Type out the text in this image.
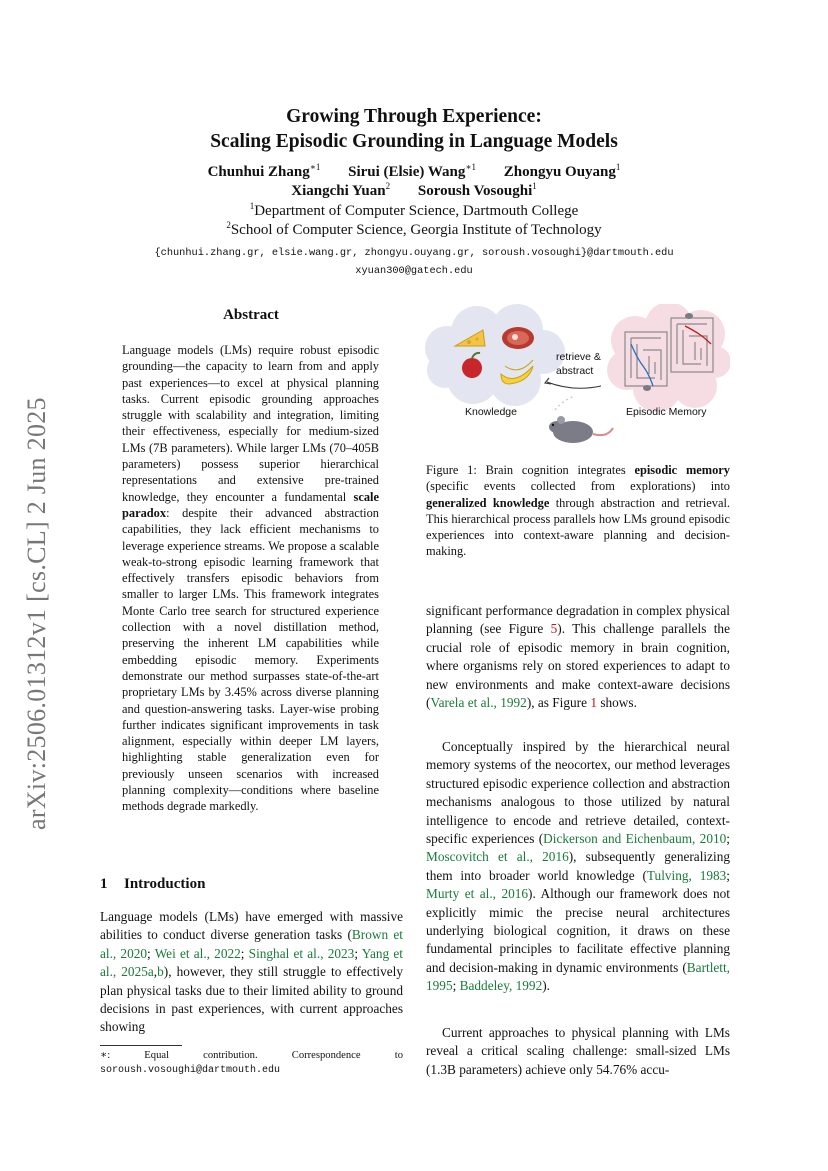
arXiv:2506.01312v1 [cs.CL] 2 Jun 2025
Growing Through Experience:
Scaling Episodic Grounding in Language Models
Chunhui Zhang$^{∗1}$ Sirui (Elsie) Wang$^{∗1}$ Zhongyu Ouyang$^1$
Xiangchi Yuan$^2$ Soroush Vosoughi$^1$
$^1$Department of Computer Science, Dartmouth College
$^2$School of Computer Science, Georgia Institute of Technology
{chunhui.zhang.gr, elsie.wang.gr, zhongyu.ouyang.gr, soroush.vosoughi}@dartmouth.edu
xyuan300@gatech.edu
Abstract
Language models (LMs) require robust episodic grounding—the capacity to learn from and apply past experiences—to excel at physical planning tasks. Current episodic grounding approaches struggle with scalability and integration, limiting their effectiveness, especially for medium-sized LMs (7B parameters). While larger LMs (70–405B parameters) possess superior hierarchical representations and extensive pre-trained knowledge, they encounter a fundamental scale paradox: despite their advanced abstraction capabilities, they lack efficient mechanisms to leverage experience streams. We propose a scalable weak-to-strong episodic learning framework that effectively transfers episodic behaviors from smaller to larger LMs. This framework integrates Monte Carlo tree search for structured experience collection with a novel distillation method, preserving the inherent LM capabilities while embedding episodic memory. Experiments demonstrate our method surpasses state-of-the-art proprietary LMs by 3.45% across diverse planning and question-answering tasks. Layer-wise probing further indicates significant improvements in task alignment, especially within deeper LM layers, highlighting stable generalization even for previously unseen scenarios with increased planning complexity—conditions where baseline methods degrade markedly.
1 Introduction
Language models (LMs) have emerged with massive abilities to conduct diverse generation tasks (Brown et al., 2020; Wei et al., 2022; Singhal et al., 2023; Yang et al., 2025a,b), however, they still struggle to effectively plan physical tasks due to their limited ability to ground decisions in past experiences, with current approaches showing
∗: Equal contribution. Correspondence to soroush.vosoughi@dartmouth.edu
Knowledge	Episodic Memory
retrieve &
abstract
Figure 1: Brain cognition integrates episodic memory (specific events collected from explorations) into generalized knowledge through abstraction and retrieval. This hierarchical process parallels how LMs ground episodic experiences into context-aware planning and decision-making.
significant performance degradation in complex physical planning (see Figure 5). This challenge parallels the crucial role of episodic memory in brain cognition, where organisms rely on stored experiences to adapt to new environments and make context-aware decisions (Varela et al., 1992), as Figure 1 shows.
Conceptually inspired by the hierarchical neural memory systems of the neocortex, our method leverages structured episodic experience collection and abstraction mechanisms analogous to those utilized by natural intelligence to encode and retrieve detailed, context-specific experiences (Dickerson and Eichenbaum, 2010; Moscovitch et al., 2016), subsequently generalizing them into broader world knowledge (Tulving, 1983; Murty et al., 2016). Although our framework does not explicitly mimic the precise neural architectures underlying biological cognition, it draws on these fundamental principles to facilitate effective planning and decision-making in dynamic environments (Bartlett, 1995; Baddeley, 1992).
Current approaches to physical planning with LMs reveal a critical scaling challenge: small-sized LMs (1.3B parameters) achieve only 54.76% accu-
